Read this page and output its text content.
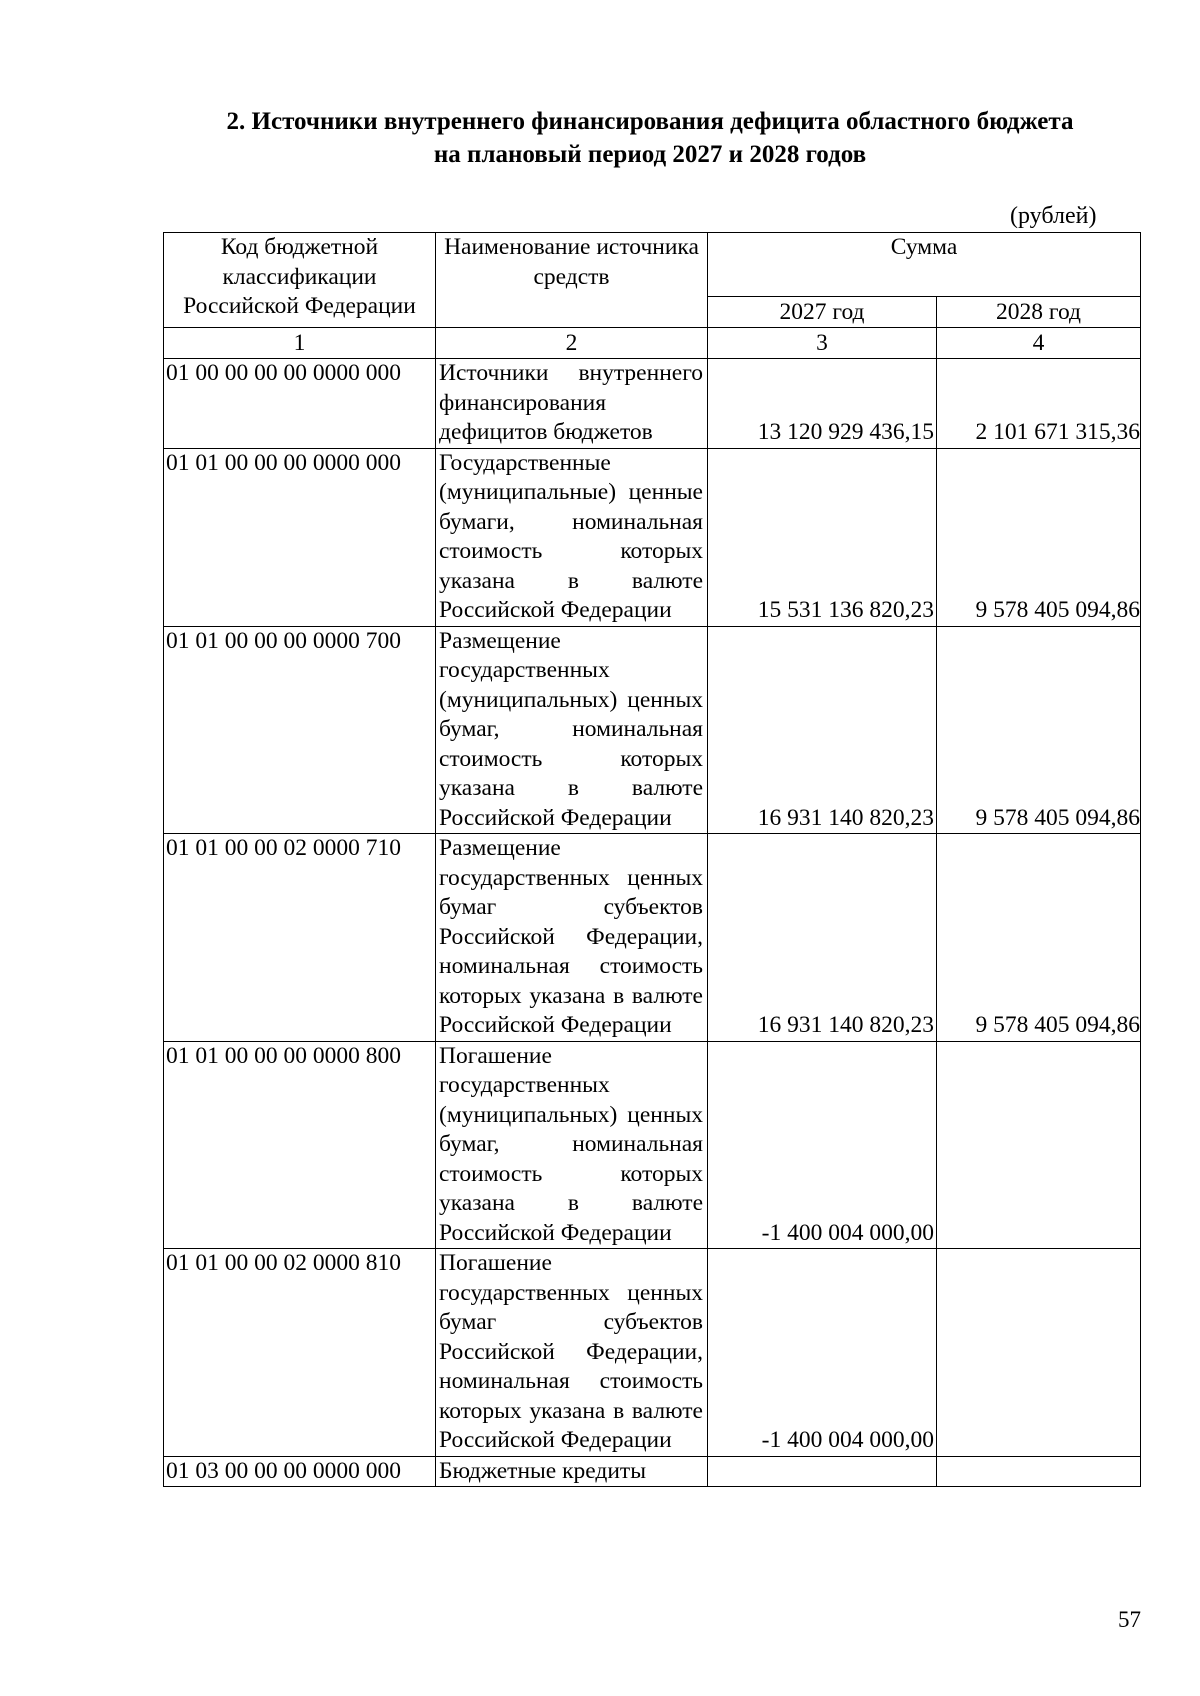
2. Источники внутреннего финансирования дефицита областного бюджета
на плановый период 2027 и 2028 годов
(рублей)
Код бюджетной классификации Российской Федерации	Наименование источника средств	Сумма	
		2027 год	2028 год
1	2	3	4
01 00 00 00 00 0000 000	Источники внутреннего финансирования дефицитов бюджетов	13 120 929 436,15	2 101 671 315,36
01 01 00 00 00 0000 000	Государственные (муниципальные) ценные бумаги, номинальная стоимость которых указана в валюте Российской Федерации	15 531 136 820,23	9 578 405 094,86
01 01 00 00 00 0000 700	Размещение государственных (муниципальных) ценных бумаг, номинальная стоимость которых указана в валюте Российской Федерации	16 931 140 820,23	9 578 405 094,86
01 01 00 00 02 0000 710	Размещение государственных ценных бумаг субъектов Российской Федерации, номинальная стоимость которых указана в валюте Российской Федерации	16 931 140 820,23	9 578 405 094,86
01 01 00 00 00 0000 800	Погашение государственных (муниципальных) ценных бумаг, номинальная стоимость которых указана в валюте Российской Федерации	-1 400 004 000,00	
01 01 00 00 02 0000 810	Погашение государственных ценных бумаг субъектов Российской Федерации, номинальная стоимость которых указана в валюте Российской Федерации	-1 400 004 000,00	
01 03 00 00 00 0000 000	Бюджетные кредиты		
57
